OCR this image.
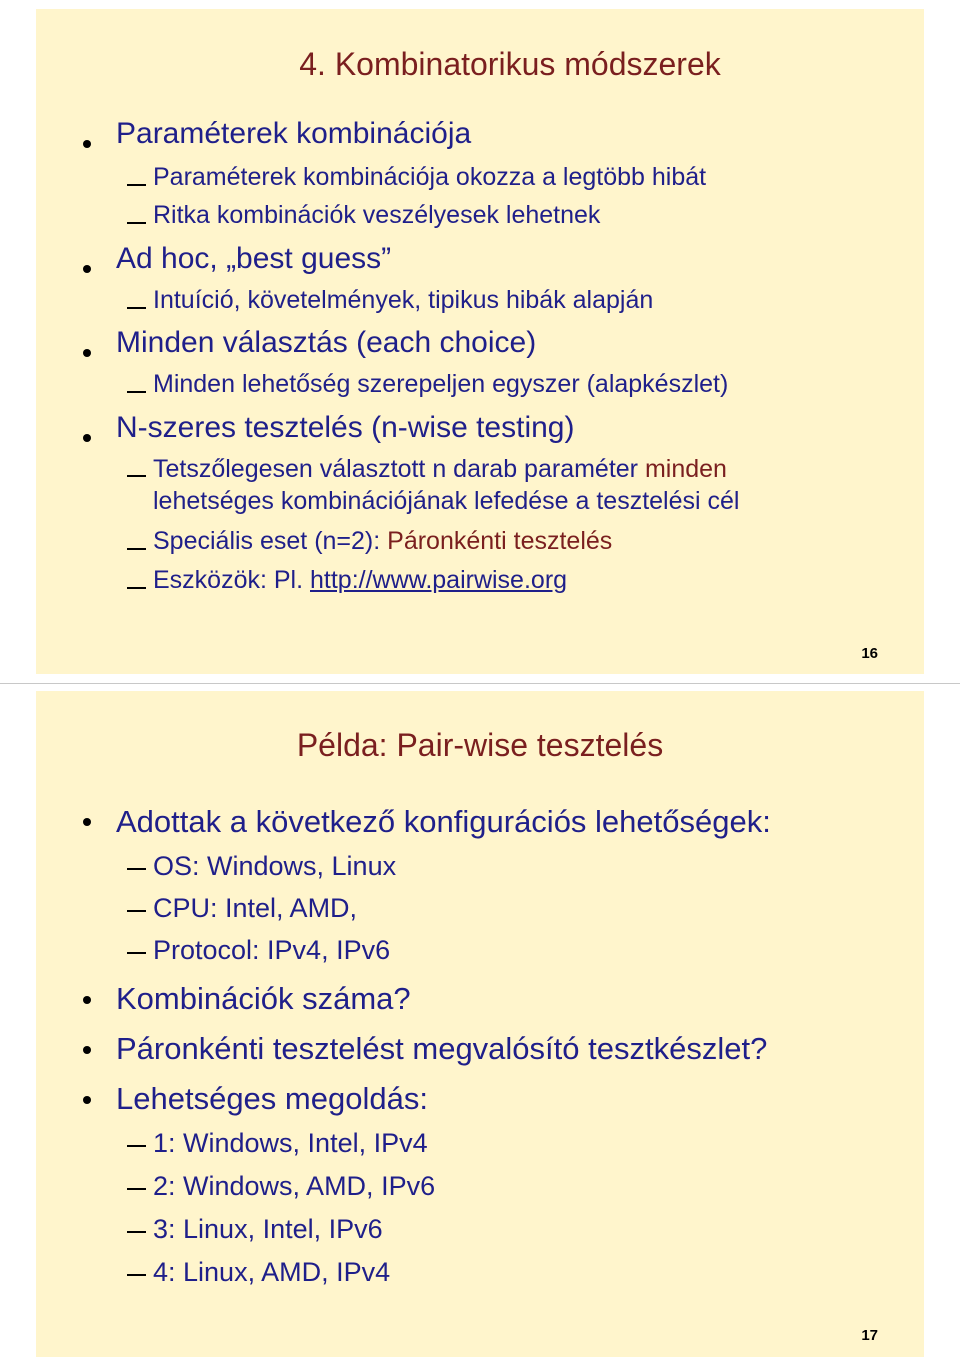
4. Kombinatorikus módszerek
Paraméterek kombinációja
Paraméterek kombinációja okozza a legtöbb hibát
Ritka kombinációk veszélyesek lehetnek
Ad hoc, „best guess”
Intuíció, követelmények, tipikus hibák alapján
Minden választás (each choice)
Minden lehetőség szerepeljen egyszer (alapkészlet)
N-szeres tesztelés (n-wise testing)
Tetszőlegesen választott n darab paraméter minden
lehetséges kombinációjának lefedése a tesztelési cél
Speciális eset (n=2): Páronkénti tesztelés
Eszközök: Pl. http://www.pairwise.org
16
Példa: Pair-wise tesztelés
Adottak a következő konfigurációs lehetőségek:
OS: Windows, Linux
CPU: Intel, AMD,
Protocol: IPv4, IPv6
Kombinációk száma?
Páronkénti tesztelést megvalósító tesztkészlet?
Lehetséges megoldás:
1: Windows, Intel, IPv4
2: Windows, AMD, IPv6
3: Linux, Intel, IPv6
4: Linux, AMD, IPv4
17
